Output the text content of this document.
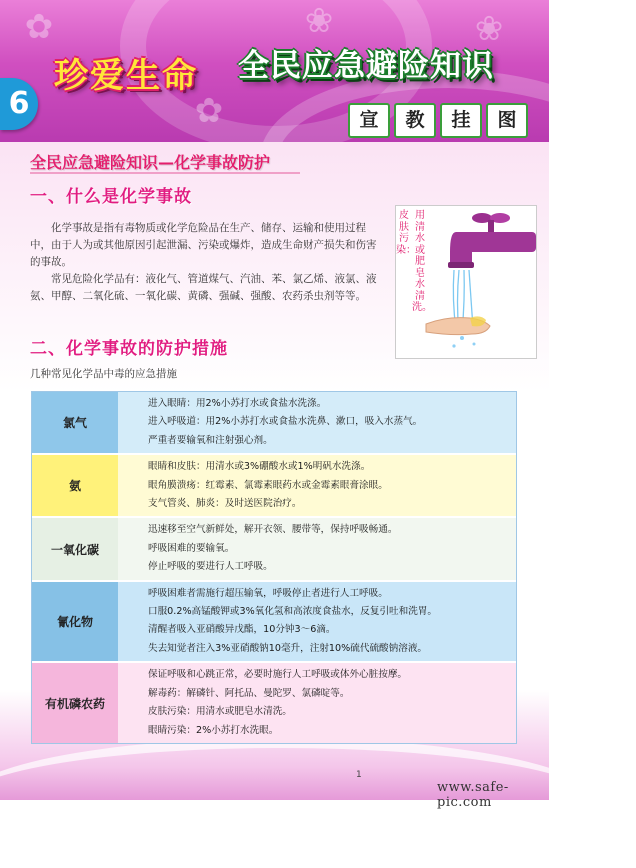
❀	❀
✿
✿
6
珍爱生命 全民应急避险知识
宣	教	挂	图
全民应急避险知识—化学事故防护
一、什么是化学事故

化学事故是指有毒物质或化学危险品在生产、储存、运输和使用过程中，由于人为或其他原因引起泄漏、污染或爆炸，造成生命财产损失和伤害的事故。

常见危险化学品有：液化气、管道煤气、汽油、苯、氯乙烯、液氯、液氨、甲醇、二氧化硫、一氧化碳、黄磷、强碱、强酸、农药杀虫剂等等。

皮肤污染：
用清水或肥皂水清洗。
二、化学事故的防护措施
几种常见化学品中毒的应急措施
氯气
进入眼睛：用2%小苏打水或食盐水洗涤。
进入呼吸道：用2%小苏打水或食盐水洗鼻、漱口，吸入水蒸气。
严重者要输氧和注射强心剂。
氨
眼睛和皮肤：用清水或3%硼酸水或1%明矾水洗涤。
眼角膜溃疡：红霉素、氯霉素眼药水或金霉素眼膏涂眼。
支气管炎、肺炎：及时送医院治疗。
一氧化碳
迅速移至空气新鲜处，解开衣领、腰带等，保持呼吸畅通。
呼吸困难的要输氧。
停止呼吸的要进行人工呼吸。
氰化物
呼吸困难者需施行超压输氧，呼吸停止者进行人工呼吸。
口服0.2%高锰酸钾或3%氧化氢和高浓度食盐水，反复引吐和洗胃。
清醒者吸入亚硝酸异戊酯，10分钟3～6滴。
失去知觉者注入3%亚硝酸钠10毫升，注射10%硫代硫酸钠溶液。
有机磷农药
保证呼吸和心跳正常，必要时施行人工呼吸或体外心脏按摩。
解毒药：解磷针、阿托品、曼陀罗、氯磷啶等。
皮肤污染：用清水或肥皂水清洗。
眼睛污染：2%小苏打水洗眼。
1
www.safe-pic.com
